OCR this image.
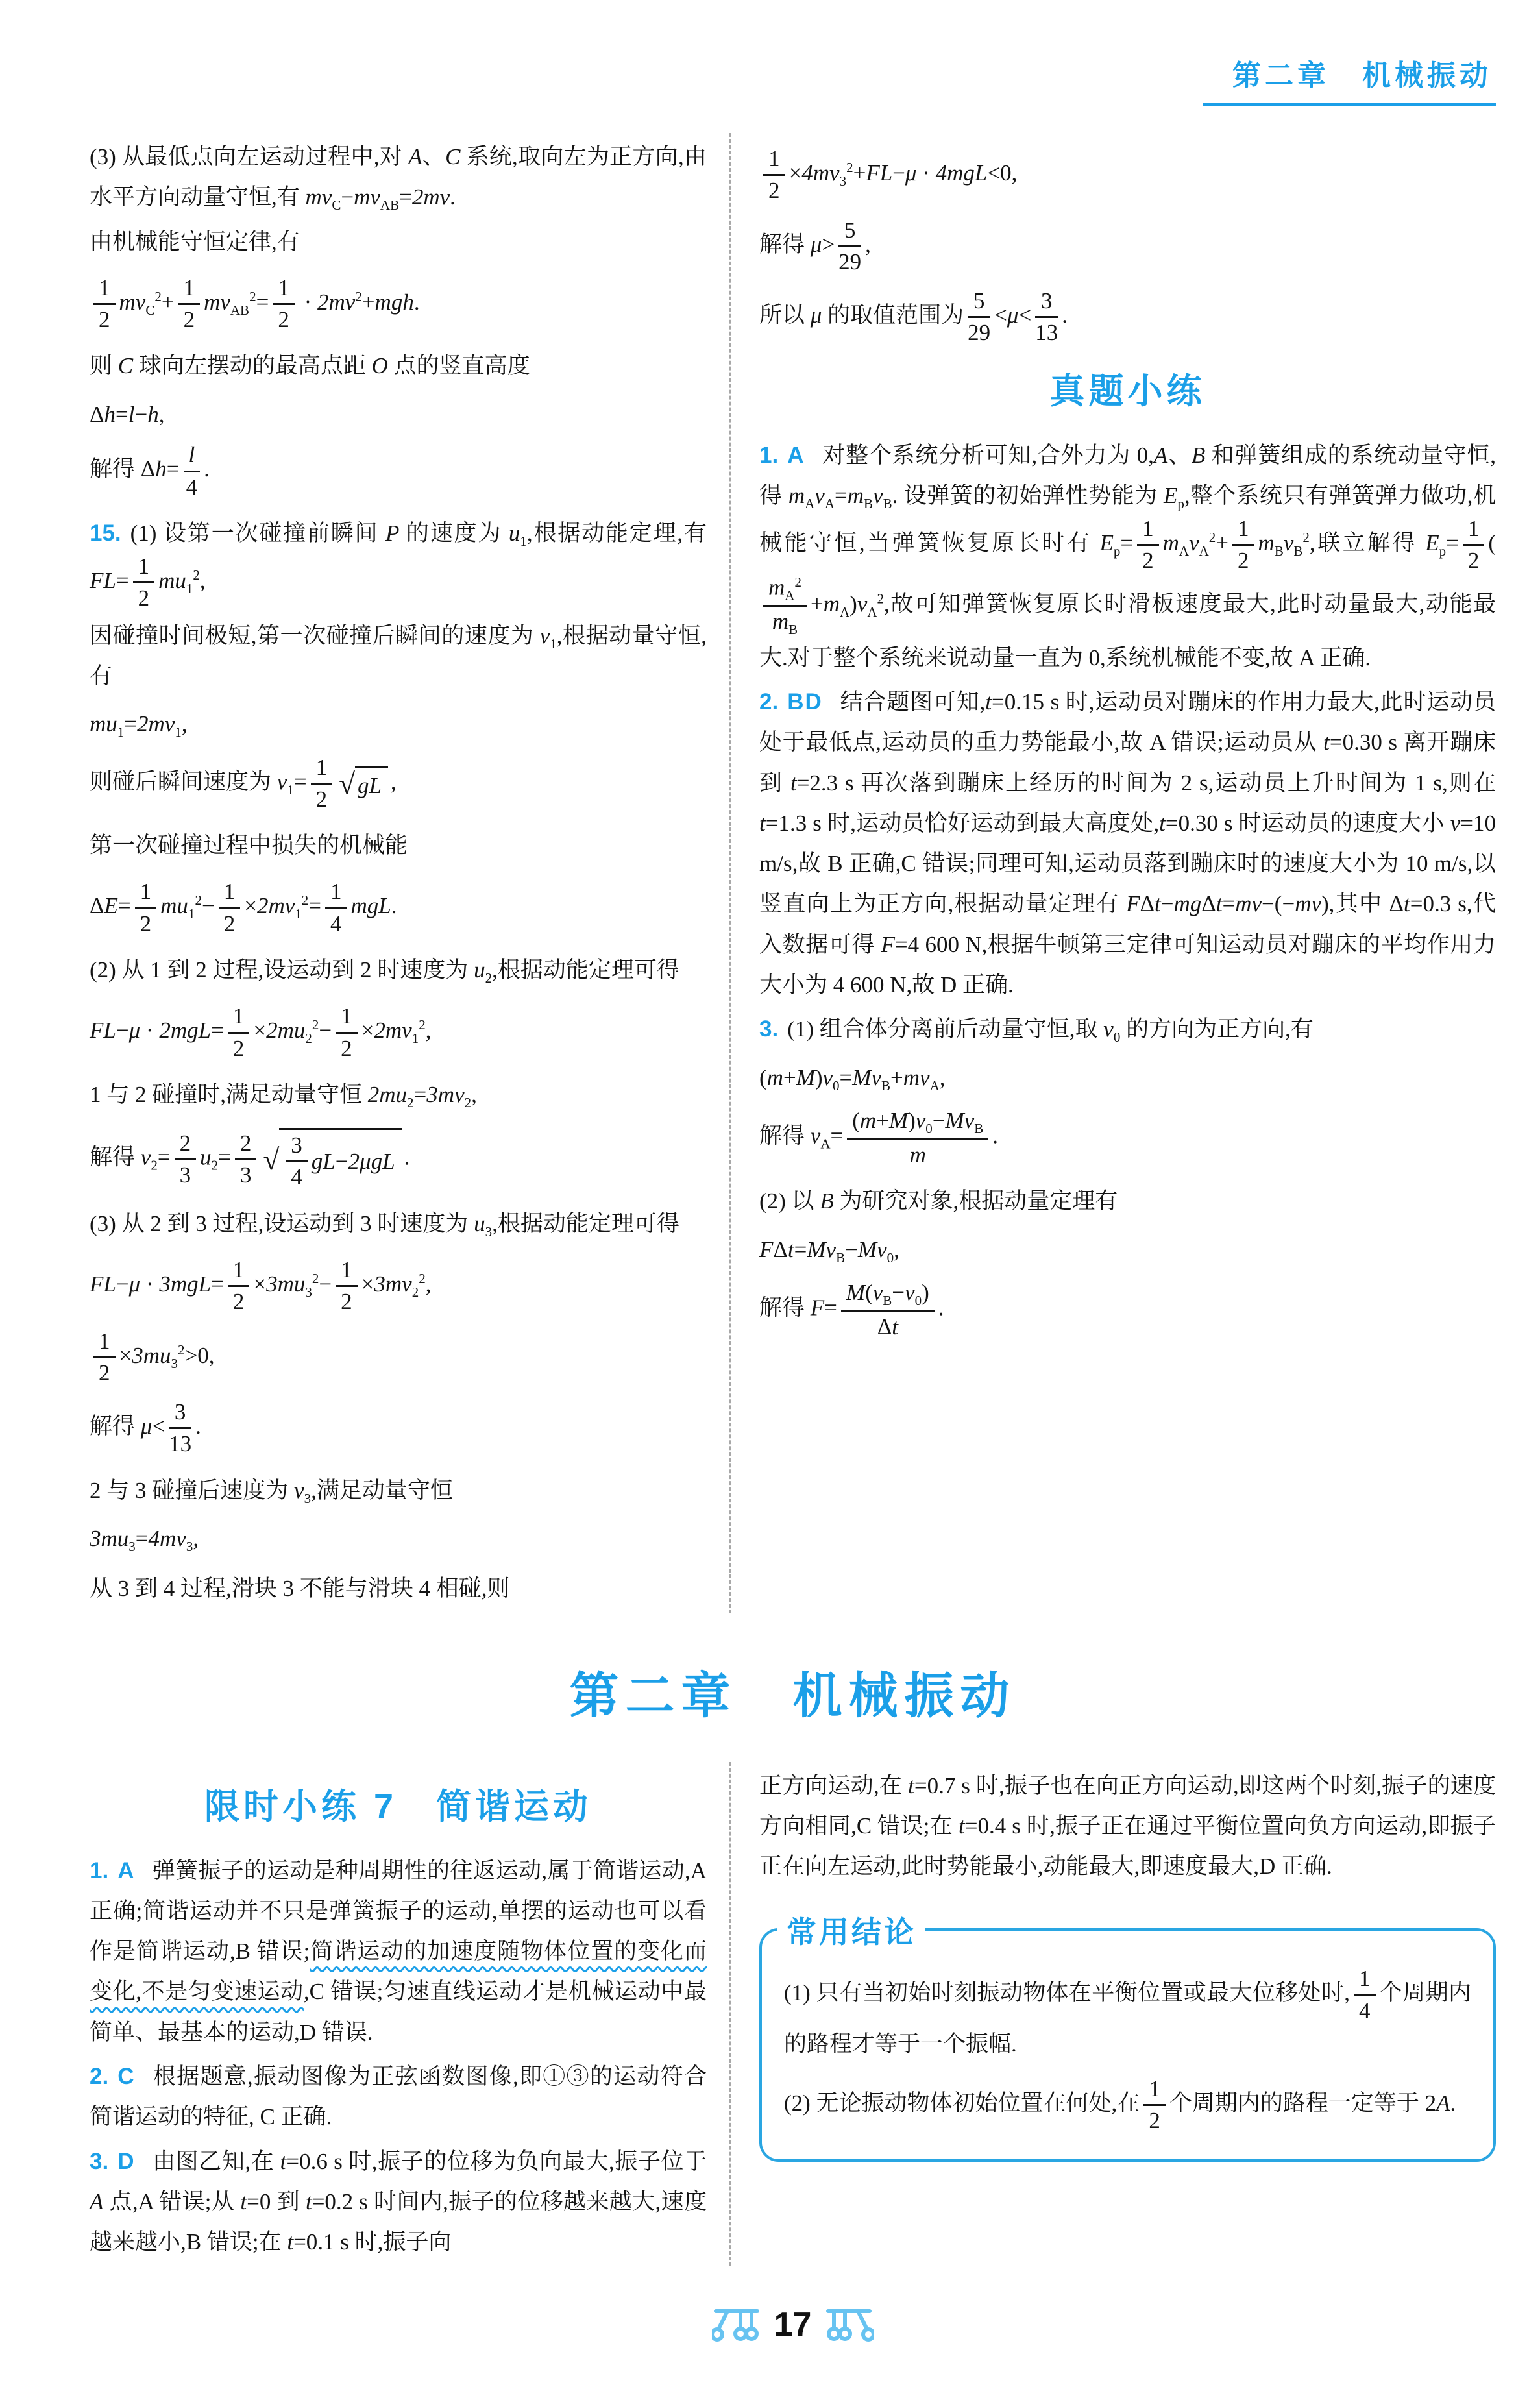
第二章　机械振动

(3) 从最低点向左运动过程中,对 A、C 系统,取向左为正方向,由水平方向动量守恒,有 $mv_C-mv_{AB}=2mv$.

由机械能守恒定律,有

$\frac{1}{2} mv_C^2+ \frac{1}{2} mv_{AB}^2= \frac{1}{2} \cdot 2mv^2+mgh$.

则 C 球向左摆动的最高点距 O 点的竖直高度

Δh=l−h,

解得 $\Delta h= \frac{l}{4}$ .

15. (1) 设第一次碰撞前瞬间 P 的速度为 $u_1$,根据动能定理,有 $FL= \frac{1}{2} mu_1^2$,

因碰撞时间极短,第一次碰撞后瞬间的速度为 $v_1$,根据动量守恒,有

$mu_1=2mv_1$,

则碰后瞬间速度为 $v_1= \frac{1}{2}$ √ gL ,

第一次碰撞过程中损失的机械能

$\Delta E= \frac{1}{2} mu_1^2- \frac{1}{2} \times 2mv_1^2= \frac{1}{4}$ mgL.

(2) 从 1 到 2 过程,设运动到 2 时速度为 $u_2$,根据动能定理可得

$FL-\mu \cdot 2mgL= \frac{1}{2} \times 2mu_2^2- \frac{1}{2} \times 2mv_1^2$,

1 与 2 碰撞时,满足动量守恒 $2mu_2=3mv_2$,

解得 $v_2= \frac{2}{3} u_2= \frac{2}{3}$ √ $\frac{3}{4}$ gL − 2μgL .

(3) 从 2 到 3 过程,设运动到 3 时速度为 $u_3$,根据动能定理可得

$FL-\mu \cdot 3mgL= \frac{1}{2} \times 3mu_3^2- \frac{1}{2} \times 3mv_2^2$,

$\frac{1}{2} \times 3mu_3^2>0$,

解得 $\mu< \frac{3}{13}$ .

2 与 3 碰撞后速度为 $v_3$,满足动量守恒

$3mu_3=4mv_3$,

从 3 到 4 过程,滑块 3 不能与滑块 4 相碰,则

$\frac{1}{2} \times 4mv_3^2+FL-\mu \cdot 4mgL<0$,

解得 $\mu> \frac{5}{29}$ ,

所以 μ 的取值范围为 $\frac{5}{29} <\mu< \frac{3}{13}$ .

真题小练

1. A 对整个系统分析可知,合外力为 0,A、B 和弹簧组成的系统动量守恒,得 $m_Av_A=m_Bv_B$. 设弹簧的初始弹性势能为 $E_p$,整个系统只有弹簧弹力做功,机械能守恒,当弹簧恢复原长时有 $E_p= \frac{1}{2} m_Av_A^2+ \frac{1}{2} m_Bv_B^2$,联立解得 $E_p= \frac{1}{2}$ (
$\frac{m_A^2}{m_B} +m_A)v_A^2$,故可知弹簧恢复原长时滑板速度最大,此时动量最大,动能最大.对于整个系统来说动量一直为 0,系统机械能不变,故 A 正确.

2. BD 结合题图可知,t=0.15 s 时,运动员对蹦床的作用力最大,此时运动员处于最低点,运动员的重力势能最小,故 A 错误;运动员从 t=0.30 s 离开蹦床到 t=2.3 s 再次落到蹦床上经历的时间为 2 s,运动员上升时间为 1 s,则在 t=1.3 s 时,运动员恰好运动到最大高度处,t=0.30 s 时运动员的速度大小 v=10 m/s,故 B 正确,C 错误;同理可知,运动员落到蹦床时的速度大小为 10 m/s,以竖直向上为正方向,根据动量定理有 FΔt−mgΔt=mv−(−mv),其中 Δt=0.3 s,代入数据可得 F=4 600 N,根据牛顿第三定律可知运动员对蹦床的平均作用力大小为 4 600 N,故 D 正确.

3. (1) 组合体分离前后动量守恒,取 $v_0$ 的方向为正方向,有

$(m+M)v_0=Mv_B+mv_A$,

解得 $v_A= \frac{(m+M)v_0-Mv_B}{m}$ .

(2) 以 B 为研究对象,根据动量定理有

$F\Delta t=Mv_B-Mv_0$,

解得 $F= \frac{M(v_B-v_0)}{\Delta t}$ .

第二章　机械振动
限时小练 7　简谐运动

1. A 弹簧振子的运动是种周期性的往返运动,属于简谐运动,A 正确;简谐运动并不只是弹簧振子的运动,单摆的运动也可以看作是简谐运动,B 错误;简谐运动的加速度随物体位置的变化而变化,不是匀变速运动,C 错误;匀速直线运动才是机械运动中最简单、最基本的运动,D 错误.

2. C 根据题意,振动图像为正弦函数图像,即①③的运动符合简谐运动的特征, C 正确.

3. D 由图乙知,在 t=0.6 s 时,振子的位移为负向最大,振子位于 A 点,A 错误;从 t=0 到 t=0.2 s 时间内,振子的位移越来越大,速度越来越小,B 错误;在 t=0.1 s 时,振子向

正方向运动,在 t=0.7 s 时,振子也在向正方向运动,即这两个时刻,振子的速度方向相同,C 错误;在 t=0.4 s 时,振子正在通过平衡位置向负方向运动,即振子正在向左运动,此时势能最小,动能最大,即速度最大,D 正确.

常用结论

(1) 只有当初始时刻振动物体在平衡位置或最大位移处时, $\frac{1}{4}$ 个周期内的路程才等于一个振幅.

(2) 无论振动物体初始位置在何处,在 $\frac{1}{2}$ 个周期内的路程一定等于 2A.

17
